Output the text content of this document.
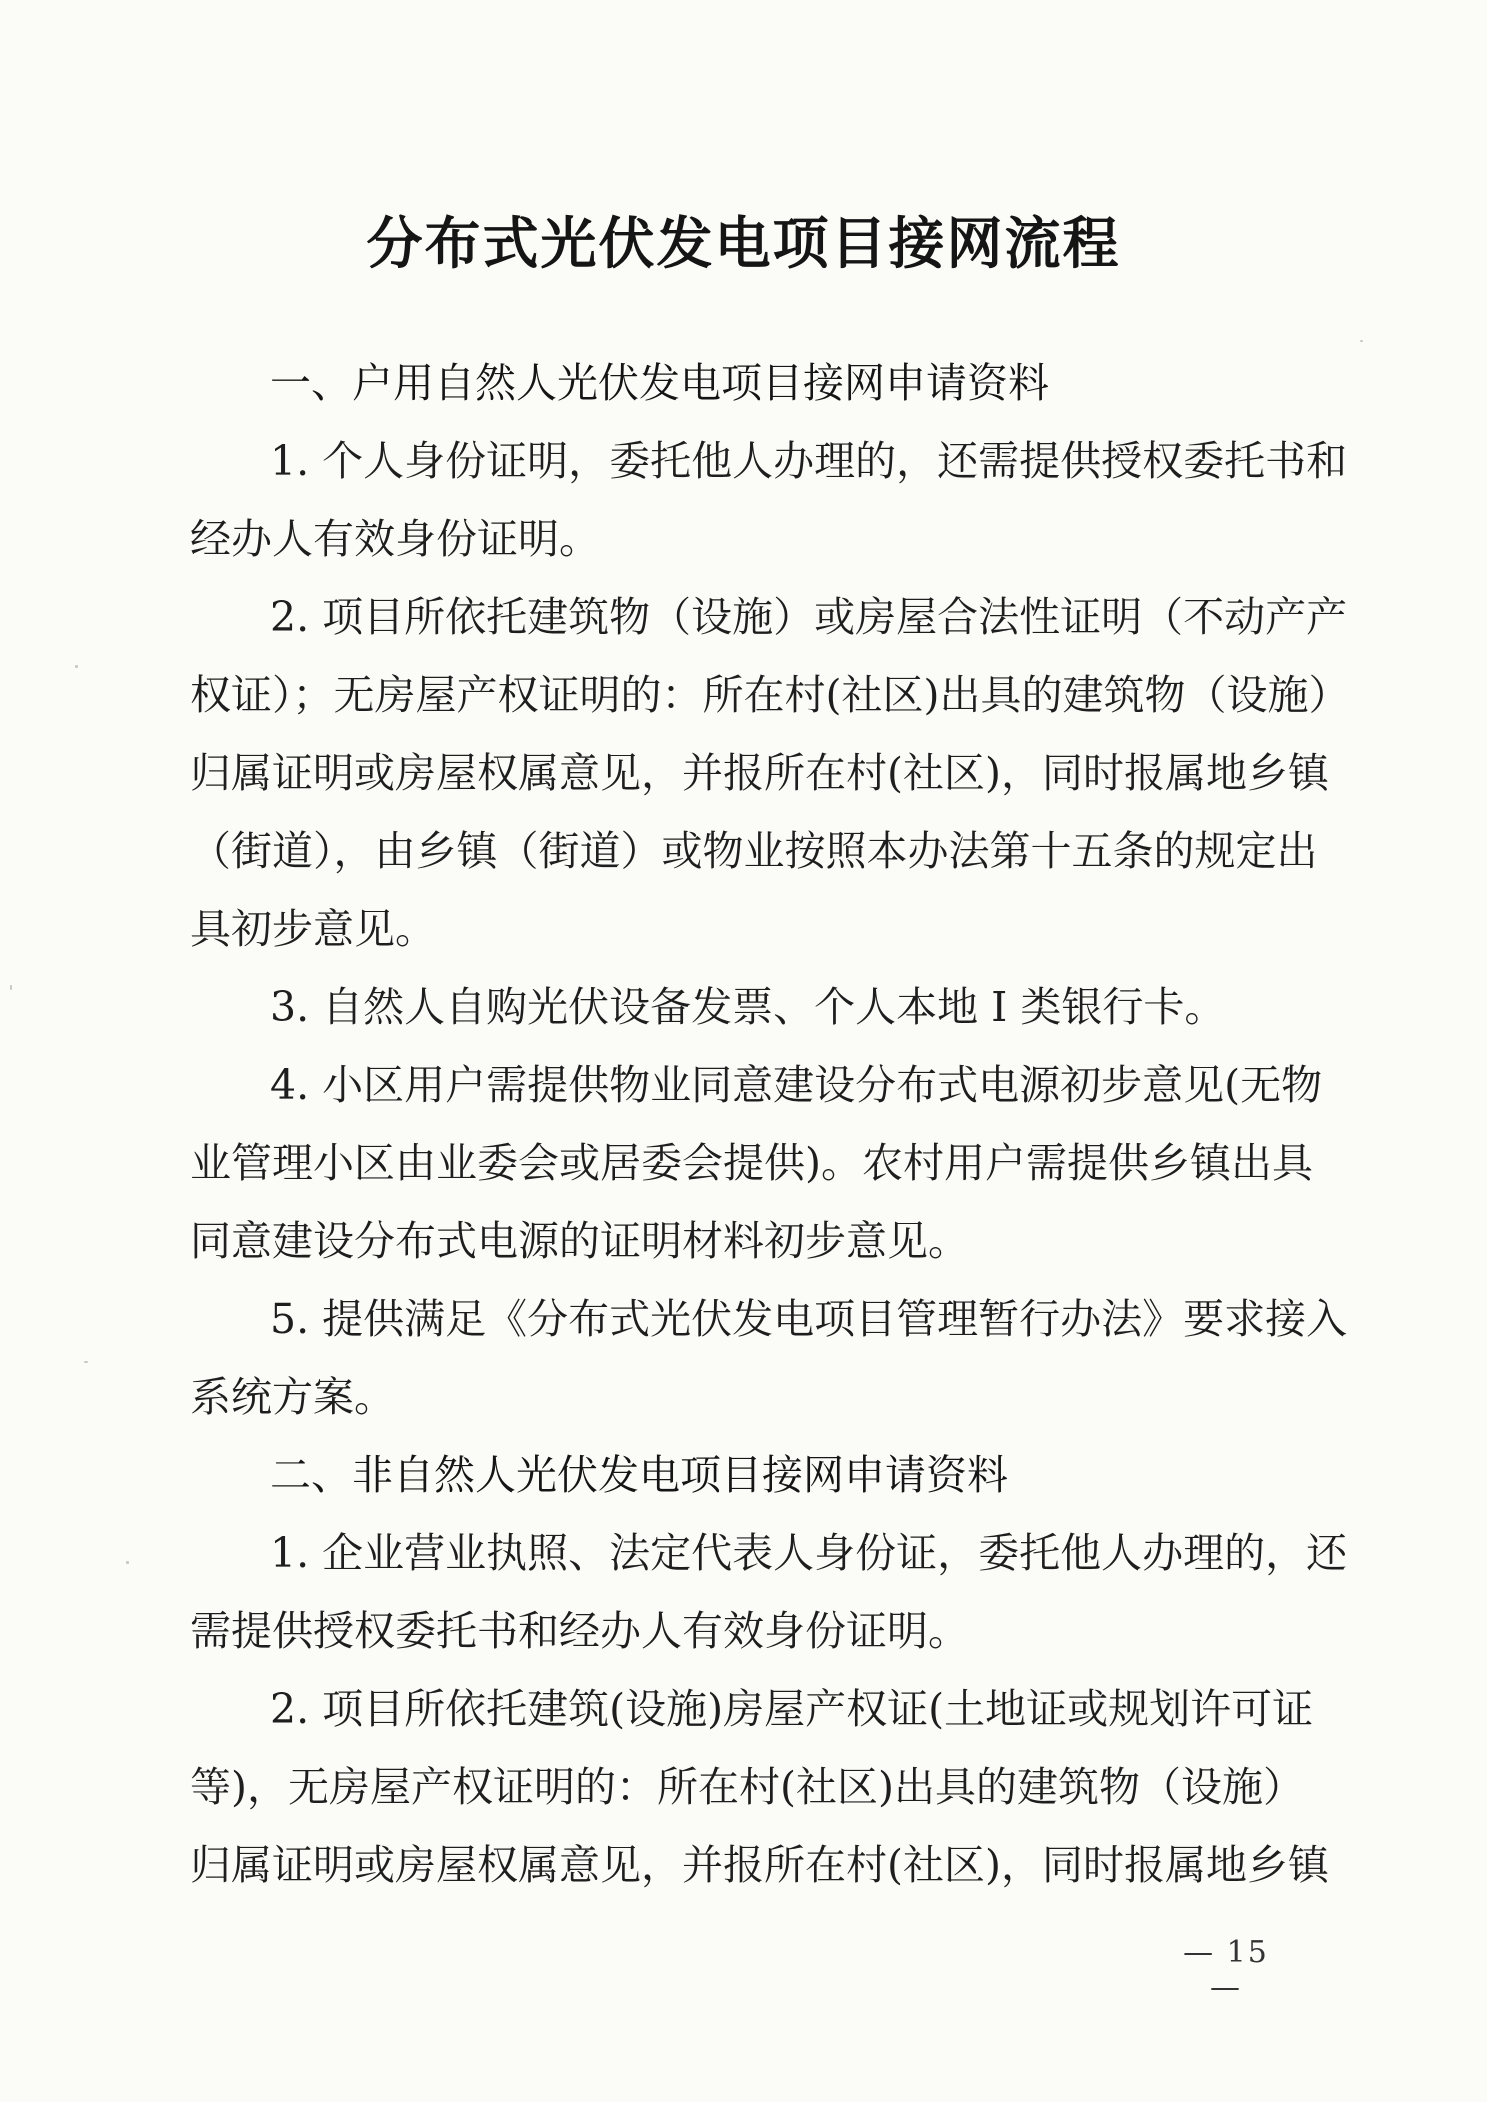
分布式光伏发电项目接网流程
一、户用自然人光伏发电项目接网申请资料
1. 个人身份证明，委托他人办理的，还需提供授权委托书和
经办人有效身份证明。
2. 项目所依托建筑物（设施）或房屋合法性证明（不动产产
权证）；无房屋产权证明的：所在村(社区)出具的建筑物（设施）
归属证明或房屋权属意见，并报所在村(社区)，同时报属地乡镇
（街道），由乡镇（街道）或物业按照本办法第十五条的规定出
具初步意见。
3. 自然人自购光伏设备发票、个人本地 I 类银行卡。
4. 小区用户需提供物业同意建设分布式电源初步意见(无物
业管理小区由业委会或居委会提供)。农村用户需提供乡镇出具
同意建设分布式电源的证明材料初步意见。
5. 提供满足《分布式光伏发电项目管理暂行办法》要求接入
系统方案。
二、非自然人光伏发电项目接网申请资料
1. 企业营业执照、法定代表人身份证，委托他人办理的，还
需提供授权委托书和经办人有效身份证明。
2. 项目所依托建筑(设施)房屋产权证(土地证或规划许可证
等)，无房屋产权证明的：所在村(社区)出具的建筑物（设施）
归属证明或房屋权属意见，并报所在村(社区)，同时报属地乡镇
— 15 —
